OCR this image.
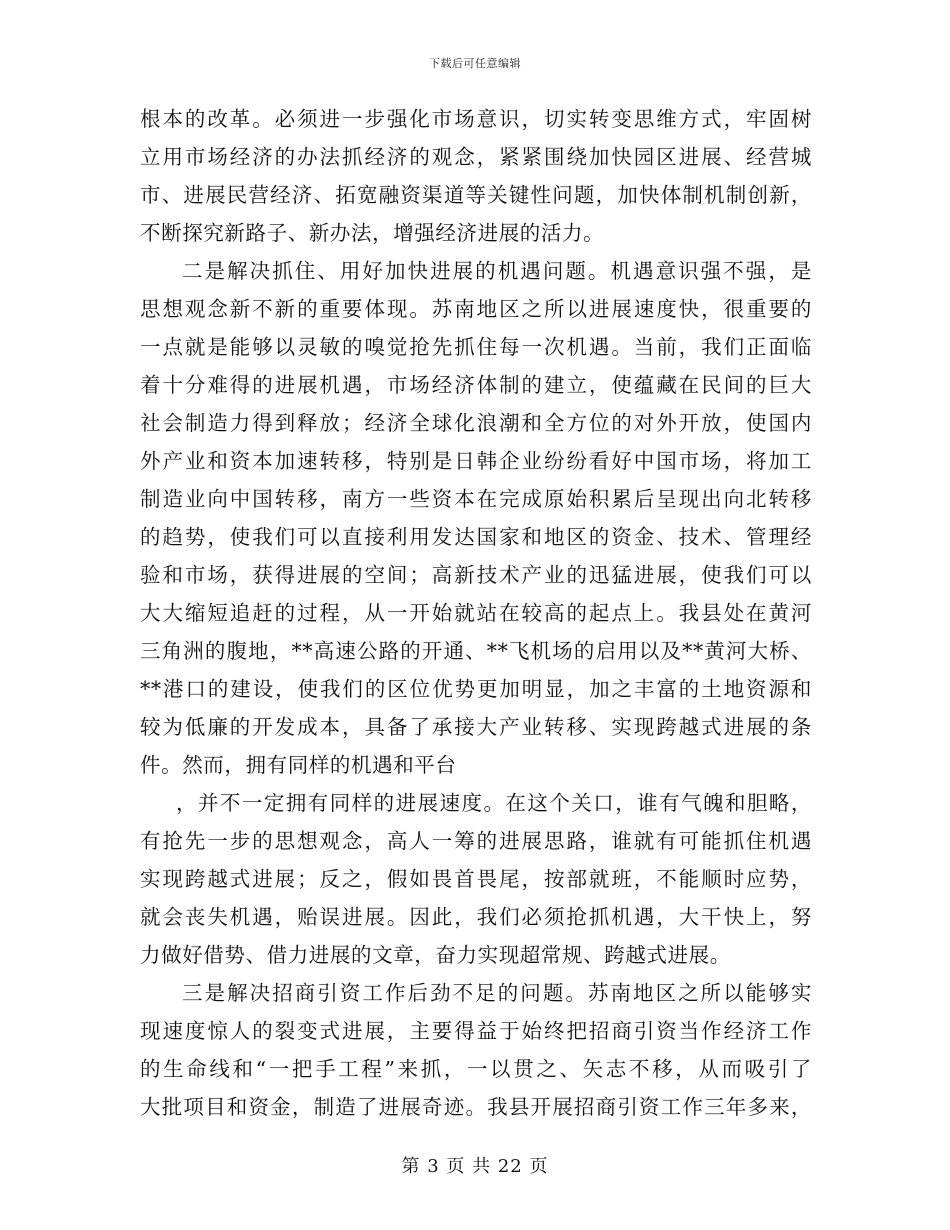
下载后可任意编辑
根本的改革。必须进一步强化市场意识，切实转变思维方式，牢固树
立用市场经济的办法抓经济的观念，紧紧围绕加快园区进展、经营城
市、进展民营经济、拓宽融资渠道等关键性问题，加快体制机制创新，
不断探究新路子、新办法，增强经济进展的活力。
二是解决抓住、用好加快进展的机遇问题。机遇意识强不强，是
思想观念新不新的重要体现。苏南地区之所以进展速度快，很重要的
一点就是能够以灵敏的嗅觉抢先抓住每一次机遇。当前，我们正面临
着十分难得的进展机遇，市场经济体制的建立，使蕴藏在民间的巨大
社会制造力得到释放；经济全球化浪潮和全方位的对外开放，使国内
外产业和资本加速转移，特别是日韩企业纷纷看好中国市场，将加工
制造业向中国转移，南方一些资本在完成原始积累后呈现出向北转移
的趋势，使我们可以直接利用发达国家和地区的资金、技术、管理经
验和市场，获得进展的空间；高新技术产业的迅猛进展，使我们可以
大大缩短追赶的过程，从一开始就站在较高的起点上。我县处在黄河
三角洲的腹地，**高速公路的开通、**飞机场的启用以及**黄河大桥、
**港口的建设，使我们的区位优势更加明显，加之丰富的土地资源和
较为低廉的开发成本，具备了承接大产业转移、实现跨越式进展的条
件。然而，拥有同样的机遇和平台
，并不一定拥有同样的进展速度。在这个关口，谁有气魄和胆略，
有抢先一步的思想观念，高人一筹的进展思路，谁就有可能抓住机遇
实现跨越式进展；反之，假如畏首畏尾，按部就班，不能顺时应势，
就会丧失机遇，贻误进展。因此，我们必须抢抓机遇，大干快上，努
力做好借势、借力进展的文章，奋力实现超常规、跨越式进展。
三是解决招商引资工作后劲不足的问题。苏南地区之所以能够实
现速度惊人的裂变式进展，主要得益于始终把招商引资当作经济工作
的生命线和“一把手工程”来抓，一以贯之、矢志不移，从而吸引了
大批项目和资金，制造了进展奇迹。我县开展招商引资工作三年多来，
第 3 页 共 22 页
